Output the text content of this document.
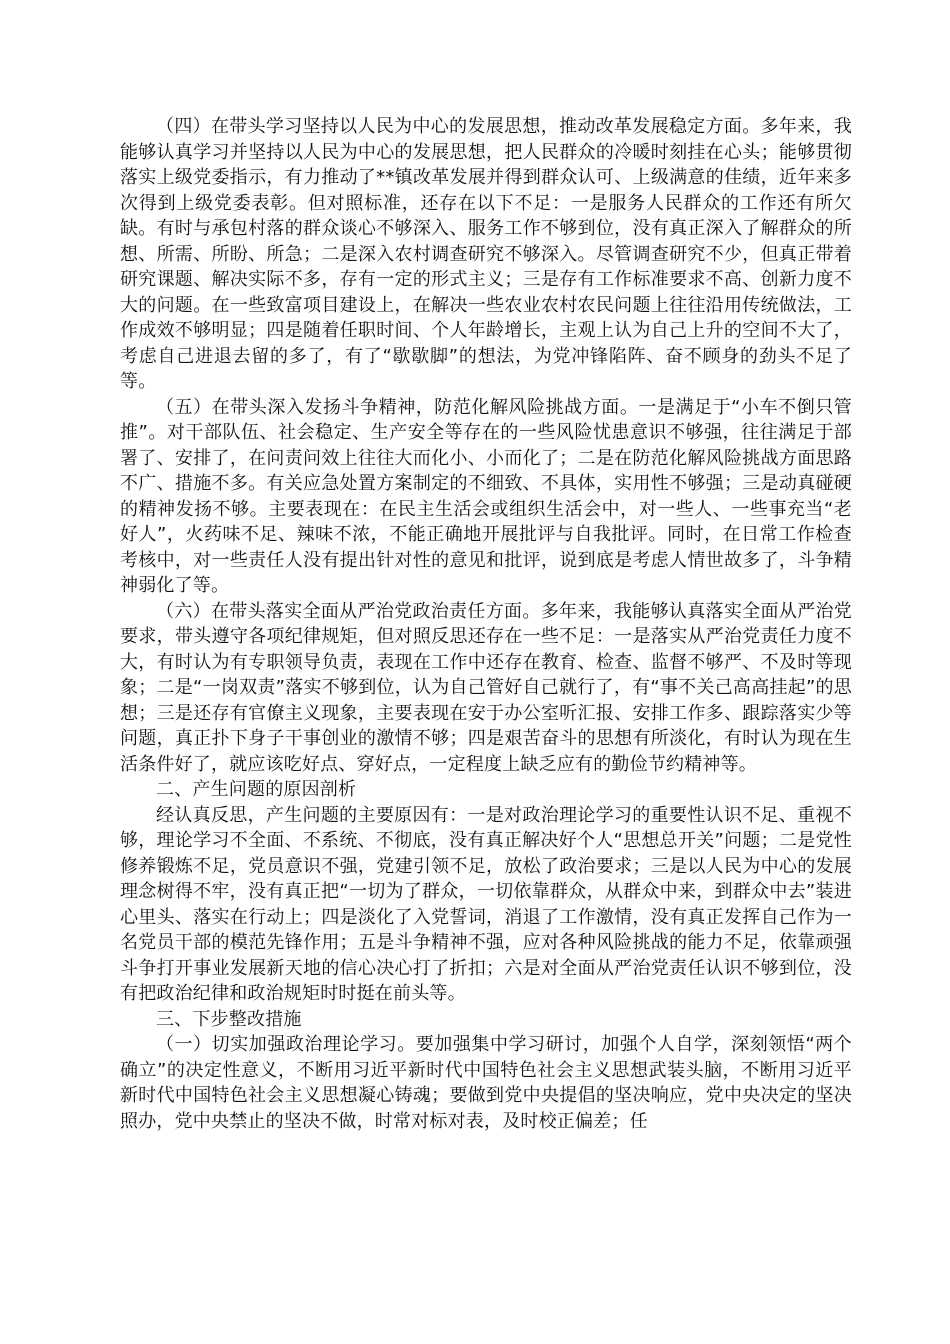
（四）在带头学习坚持以人民为中心的发展思想，推动改革发展稳定方面。多年来，我能够认真学习并坚持以人民为中心的发展思想，把人民群众的冷暖时刻挂在心头；能够贯彻落实上级党委指示，有力推动了**镇改革发展并得到群众认可、上级满意的佳绩，近年来多次得到上级党委表彰。但对照标准，还存在以下不足：一是服务人民群众的工作还有所欠缺。有时与承包村落的群众谈心不够深入、服务工作不够到位，没有真正深入了解群众的所想、所需、所盼、所急；二是深入农村调查研究不够深入。尽管调查研究不少，但真正带着研究课题、解决实际不多，存有一定的形式主义；三是存有工作标准要求不高、创新力度不大的问题。在一些致富项目建设上，在解决一些农业农村农民问题上往往沿用传统做法，工作成效不够明显；四是随着任职时间、个人年龄增长，主观上认为自己上升的空间不大了，考虑自己进退去留的多了，有了“歇歇脚”的想法，为党冲锋陷阵、奋不顾身的劲头不足了等。

（五）在带头深入发扬斗争精神，防范化解风险挑战方面。一是满足于“小车不倒只管推”。对干部队伍、社会稳定、生产安全等存在的一些风险忧患意识不够强，往往满足于部署了、安排了，在问责问效上往往大而化小、小而化了；二是在防范化解风险挑战方面思路不广、措施不多。有关应急处置方案制定的不细致、不具体，实用性不够强；三是动真碰硬的精神发扬不够。主要表现在：在民主生活会或组织生活会中，对一些人、一些事充当“老好人”，火药味不足、辣味不浓，不能正确地开展批评与自我批评。同时，在日常工作检查考核中，对一些责任人没有提出针对性的意见和批评，说到底是考虑人情世故多了，斗争精神弱化了等。

（六）在带头落实全面从严治党政治责任方面。多年来，我能够认真落实全面从严治党要求，带头遵守各项纪律规矩，但对照反思还存在一些不足：一是落实从严治党责任力度不大，有时认为有专职领导负责，表现在工作中还存在教育、检查、监督不够严、不及时等现象；二是“一岗双责”落实不够到位，认为自己管好自己就行了，有“事不关己高高挂起”的思想；三是还存有官僚主义现象，主要表现在安于办公室听汇报、安排工作多、跟踪落实少等问题，真正扑下身子干事创业的激情不够；四是艰苦奋斗的思想有所淡化，有时认为现在生活条件好了，就应该吃好点、穿好点，一定程度上缺乏应有的勤俭节约精神等。

二、产生问题的原因剖析

经认真反思，产生问题的主要原因有：一是对政治理论学习的重要性认识不足、重视不够，理论学习不全面、不系统、不彻底，没有真正解决好个人“思想总开关”问题；二是党性修养锻炼不足，党员意识不强，党建引领不足，放松了政治要求；三是以人民为中心的发展理念树得不牢，没有真正把“一切为了群众，一切依靠群众，从群众中来，到群众中去”装进心里头、落实在行动上；四是淡化了入党誓词，消退了工作激情，没有真正发挥自己作为一名党员干部的模范先锋作用；五是斗争精神不强，应对各种风险挑战的能力不足，依靠顽强斗争打开事业发展新天地的信心决心打了折扣；六是对全面从严治党责任认识不够到位，没有把政治纪律和政治规矩时时挺在前头等。

三、下步整改措施

（一）切实加强政治理论学习。要加强集中学习研讨，加强个人自学，深刻领悟“两个确立”的决定性意义，不断用习近平新时代中国特色社会主义思想武装头脑，不断用习近平新时代中国特色社会主义思想凝心铸魂；要做到党中央提倡的坚决响应，党中央决定的坚决照办，党中央禁止的坚决不做，时常对标对表，及时校正偏差；任
